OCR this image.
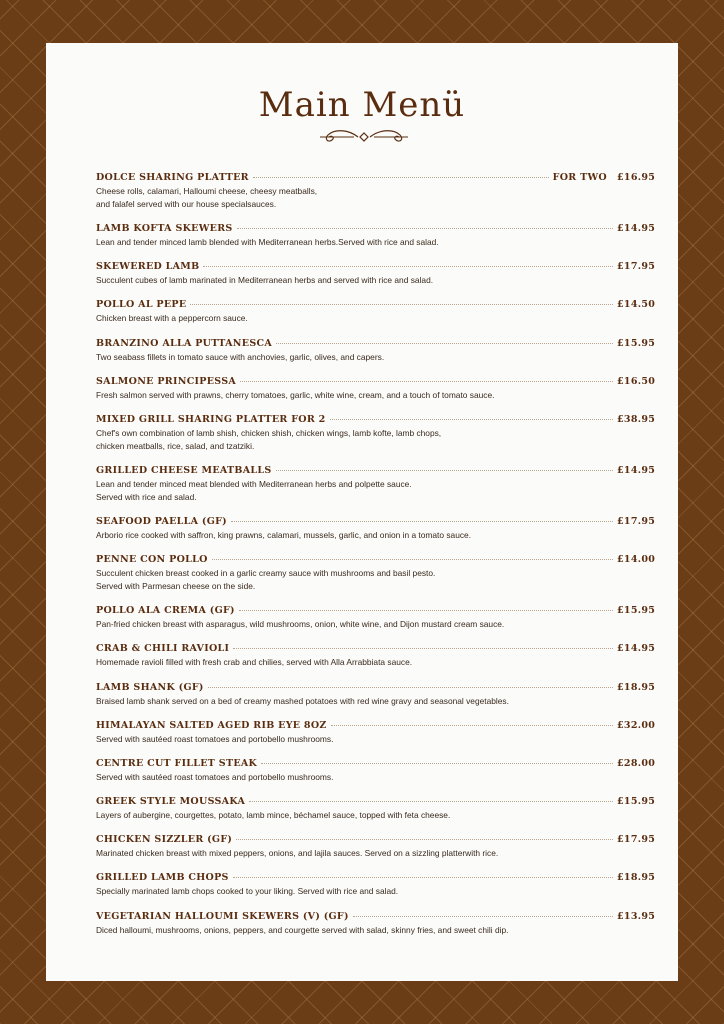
Main Menü
DOLCE SHARING PLATTER	FOR TWO £16.95
Cheese rolls, calamari, Halloumi cheese, cheesy meatballs,
and falafel served with our house specialsauces.
LAMB KOFTA SKEWERS	£14.95
Lean and tender minced lamb blended with Mediterranean herbs.Served with rice and salad.
SKEWERED LAMB	£17.95
Succulent cubes of lamb marinated in Mediterranean herbs and served with rice and salad.
POLLO AL PEPE	£14.50
Chicken breast with a peppercorn sauce.
BRANZINO ALLA PUTTANESCA	£15.95
Two seabass fillets in tomato sauce with anchovies, garlic, olives, and capers.
SALMONE PRINCIPESSA	£16.50
Fresh salmon served with prawns, cherry tomatoes, garlic, white wine, cream, and a touch of tomato sauce.
MIXED GRILL SHARING PLATTER FOR 2	£38.95
Chef's own combination of lamb shish, chicken shish, chicken wings, lamb kofte, lamb chops,
chicken meatballs, rice, salad, and tzatziki.
GRILLED CHEESE MEATBALLS	£14.95
Lean and tender minced meat blended with Mediterranean herbs and polpette sauce.
Served with rice and salad.
SEAFOOD PAELLA (GF)	£17.95
Arborio rice cooked with saffron, king prawns, calamari, mussels, garlic, and onion in a tomato sauce.
PENNE CON POLLO	£14.00
Succulent chicken breast cooked in a garlic creamy sauce with mushrooms and basil pesto.
Served with Parmesan cheese on the side.
POLLO ALA CREMA (GF)	£15.95
Pan-fried chicken breast with asparagus, wild mushrooms, onion, white wine, and Dijon mustard cream sauce.
CRAB & CHILI RAVIOLI	£14.95
Homemade ravioli filled with fresh crab and chilies, served with Alla Arrabbiata sauce.
LAMB SHANK (GF)	£18.95
Braised lamb shank served on a bed of creamy mashed potatoes with red wine gravy and seasonal vegetables.
HIMALAYAN SALTED AGED RIB EYE 8OZ	£32.00
Served with sautéed roast tomatoes and portobello mushrooms.
CENTRE CUT FILLET STEAK	£28.00
Served with sautéed roast tomatoes and portobello mushrooms.
GREEK STYLE MOUSSAKA	£15.95
Layers of aubergine, courgettes, potato, lamb mince, béchamel sauce, topped with feta cheese.
CHICKEN SIZZLER (GF)	£17.95
Marinated chicken breast with mixed peppers, onions, and lajila sauces. Served on a sizzling platterwith rice.
GRILLED LAMB CHOPS	£18.95
Specially marinated lamb chops cooked to your liking. Served with rice and salad.
VEGETARIAN HALLOUMI SKEWERS (V) (GF)	£13.95
Diced halloumi, mushrooms, onions, peppers, and courgette served with salad, skinny fries, and sweet chili dip.
